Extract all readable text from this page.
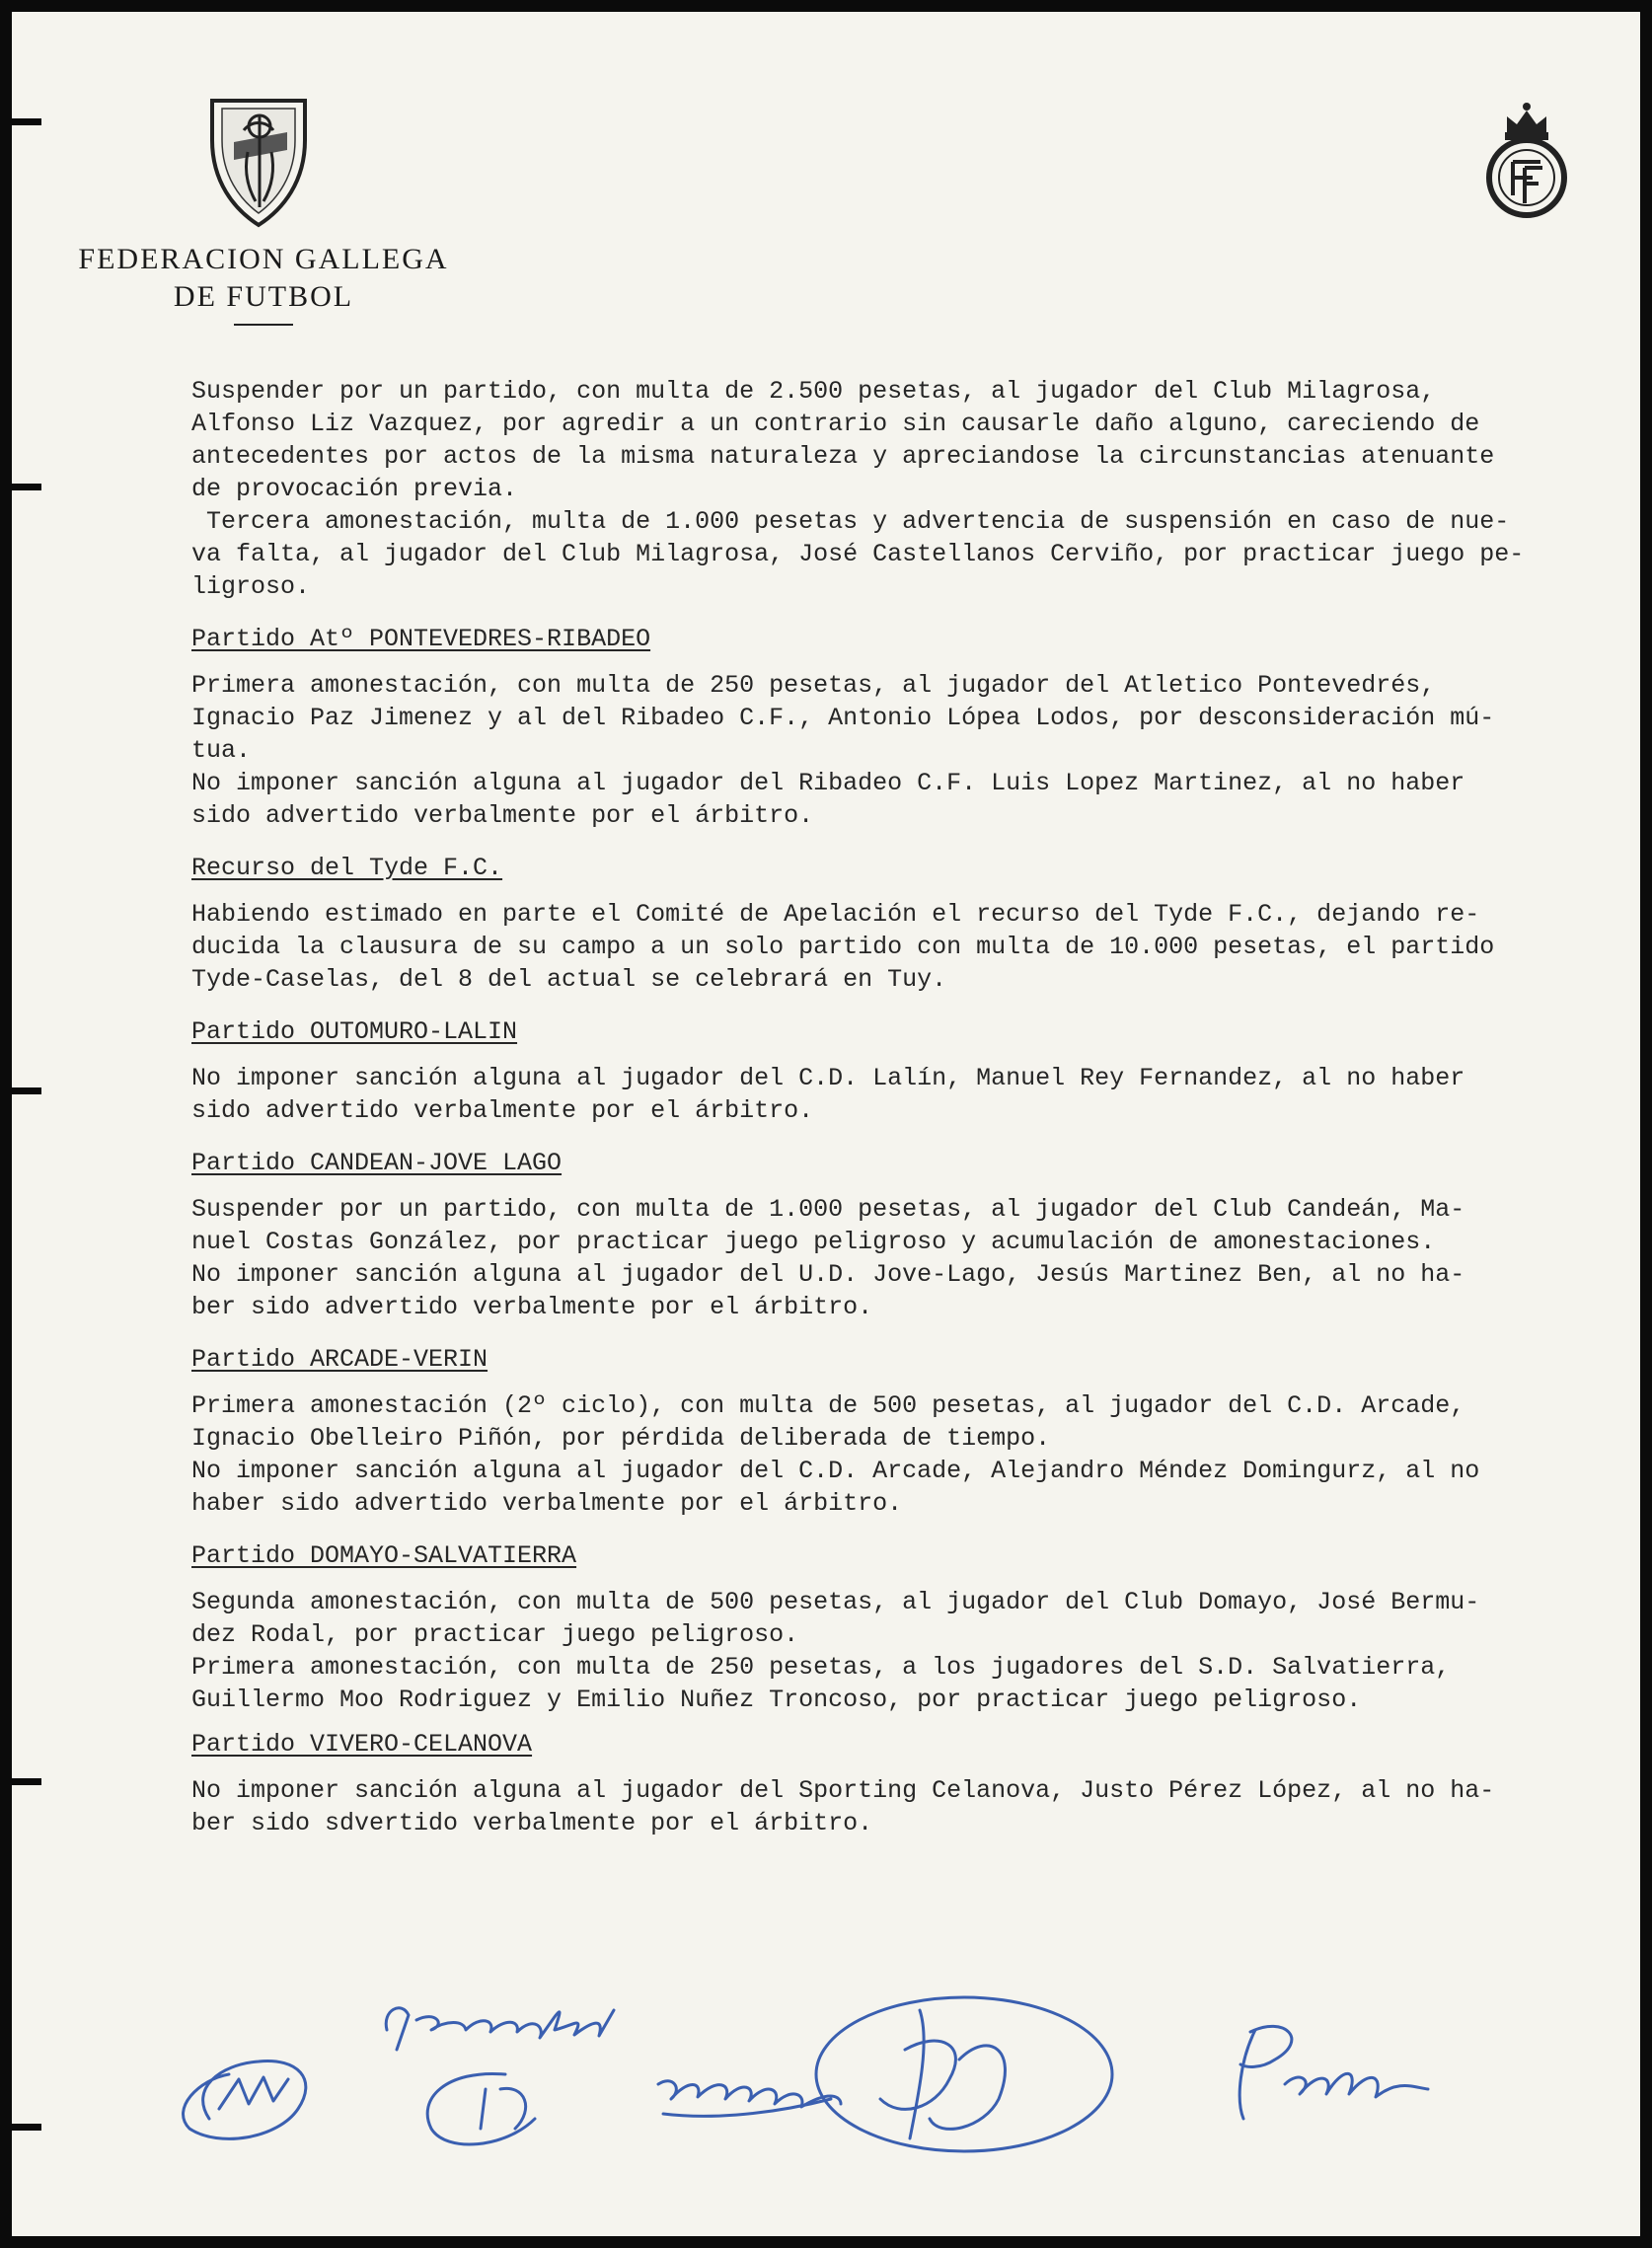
FEDERACION GALLEGA
DE FUTBOL
Suspender por un partido, con multa de 2.500 pesetas, al jugador del Club Milagrosa,
Alfonso Liz Vazquez, por agredir a un contrario sin causarle daño alguno, careciendo de
antecedentes por actos de la misma naturaleza y apreciandose la circunstancias atenuante
de provocación previa.
Tercera amonestación, multa de 1.000 pesetas y advertencia de suspensión en caso de nue-
va falta, al jugador del Club Milagrosa, José Castellanos Cerviño, por practicar juego pe-
ligroso.
Partido Atº PONTEVEDRES-RIBADEO
Primera amonestación, con multa de 250 pesetas, al jugador del Atletico Pontevedrés,
Ignacio Paz Jimenez y al del Ribadeo C.F., Antonio Lópea Lodos, por desconsideración mú-
tua.
No imponer sanción alguna al jugador del Ribadeo C.F. Luis Lopez Martinez, al no haber
sido advertido verbalmente por el árbitro.
Recurso del Tyde F.C.
Habiendo estimado en parte el Comité de Apelación el recurso del Tyde F.C., dejando re-
ducida la clausura de su campo a un solo partido con multa de 10.000 pesetas, el partido
Tyde-Caselas, del 8 del actual se celebrará en Tuy.
Partido OUTOMURO-LALIN
No imponer sanción alguna al jugador del C.D. Lalín, Manuel Rey Fernandez, al no haber
sido advertido verbalmente por el árbitro.
Partido CANDEAN-JOVE LAGO
Suspender por un partido, con multa de 1.000 pesetas, al jugador del Club Candeán, Ma-
nuel Costas González, por practicar juego peligroso y acumulación de amonestaciones.
No imponer sanción alguna al jugador del U.D. Jove-Lago, Jesús Martinez Ben, al no ha-
ber sido advertido verbalmente por el árbitro.
Partido ARCADE-VERIN
Primera amonestación (2º ciclo), con multa de 500 pesetas, al jugador del C.D. Arcade,
Ignacio Obelleiro Piñón, por pérdida deliberada de tiempo.
No imponer sanción alguna al jugador del C.D. Arcade, Alejandro Méndez Domingurz, al no
haber sido advertido verbalmente por el árbitro.
Partido DOMAYO-SALVATIERRA
Segunda amonestación, con multa de 500 pesetas, al jugador del Club Domayo, José Bermu-
dez Rodal, por practicar juego peligroso.
Primera amonestación, con multa de 250 pesetas, a los jugadores del S.D. Salvatierra,
Guillermo Moo Rodriguez y Emilio Nuñez Troncoso, por practicar juego peligroso.
Partido VIVERO-CELANOVA
No imponer sanción alguna al jugador del Sporting Celanova, Justo Pérez López, al no ha-
ber sido sdvertido verbalmente por el árbitro.
